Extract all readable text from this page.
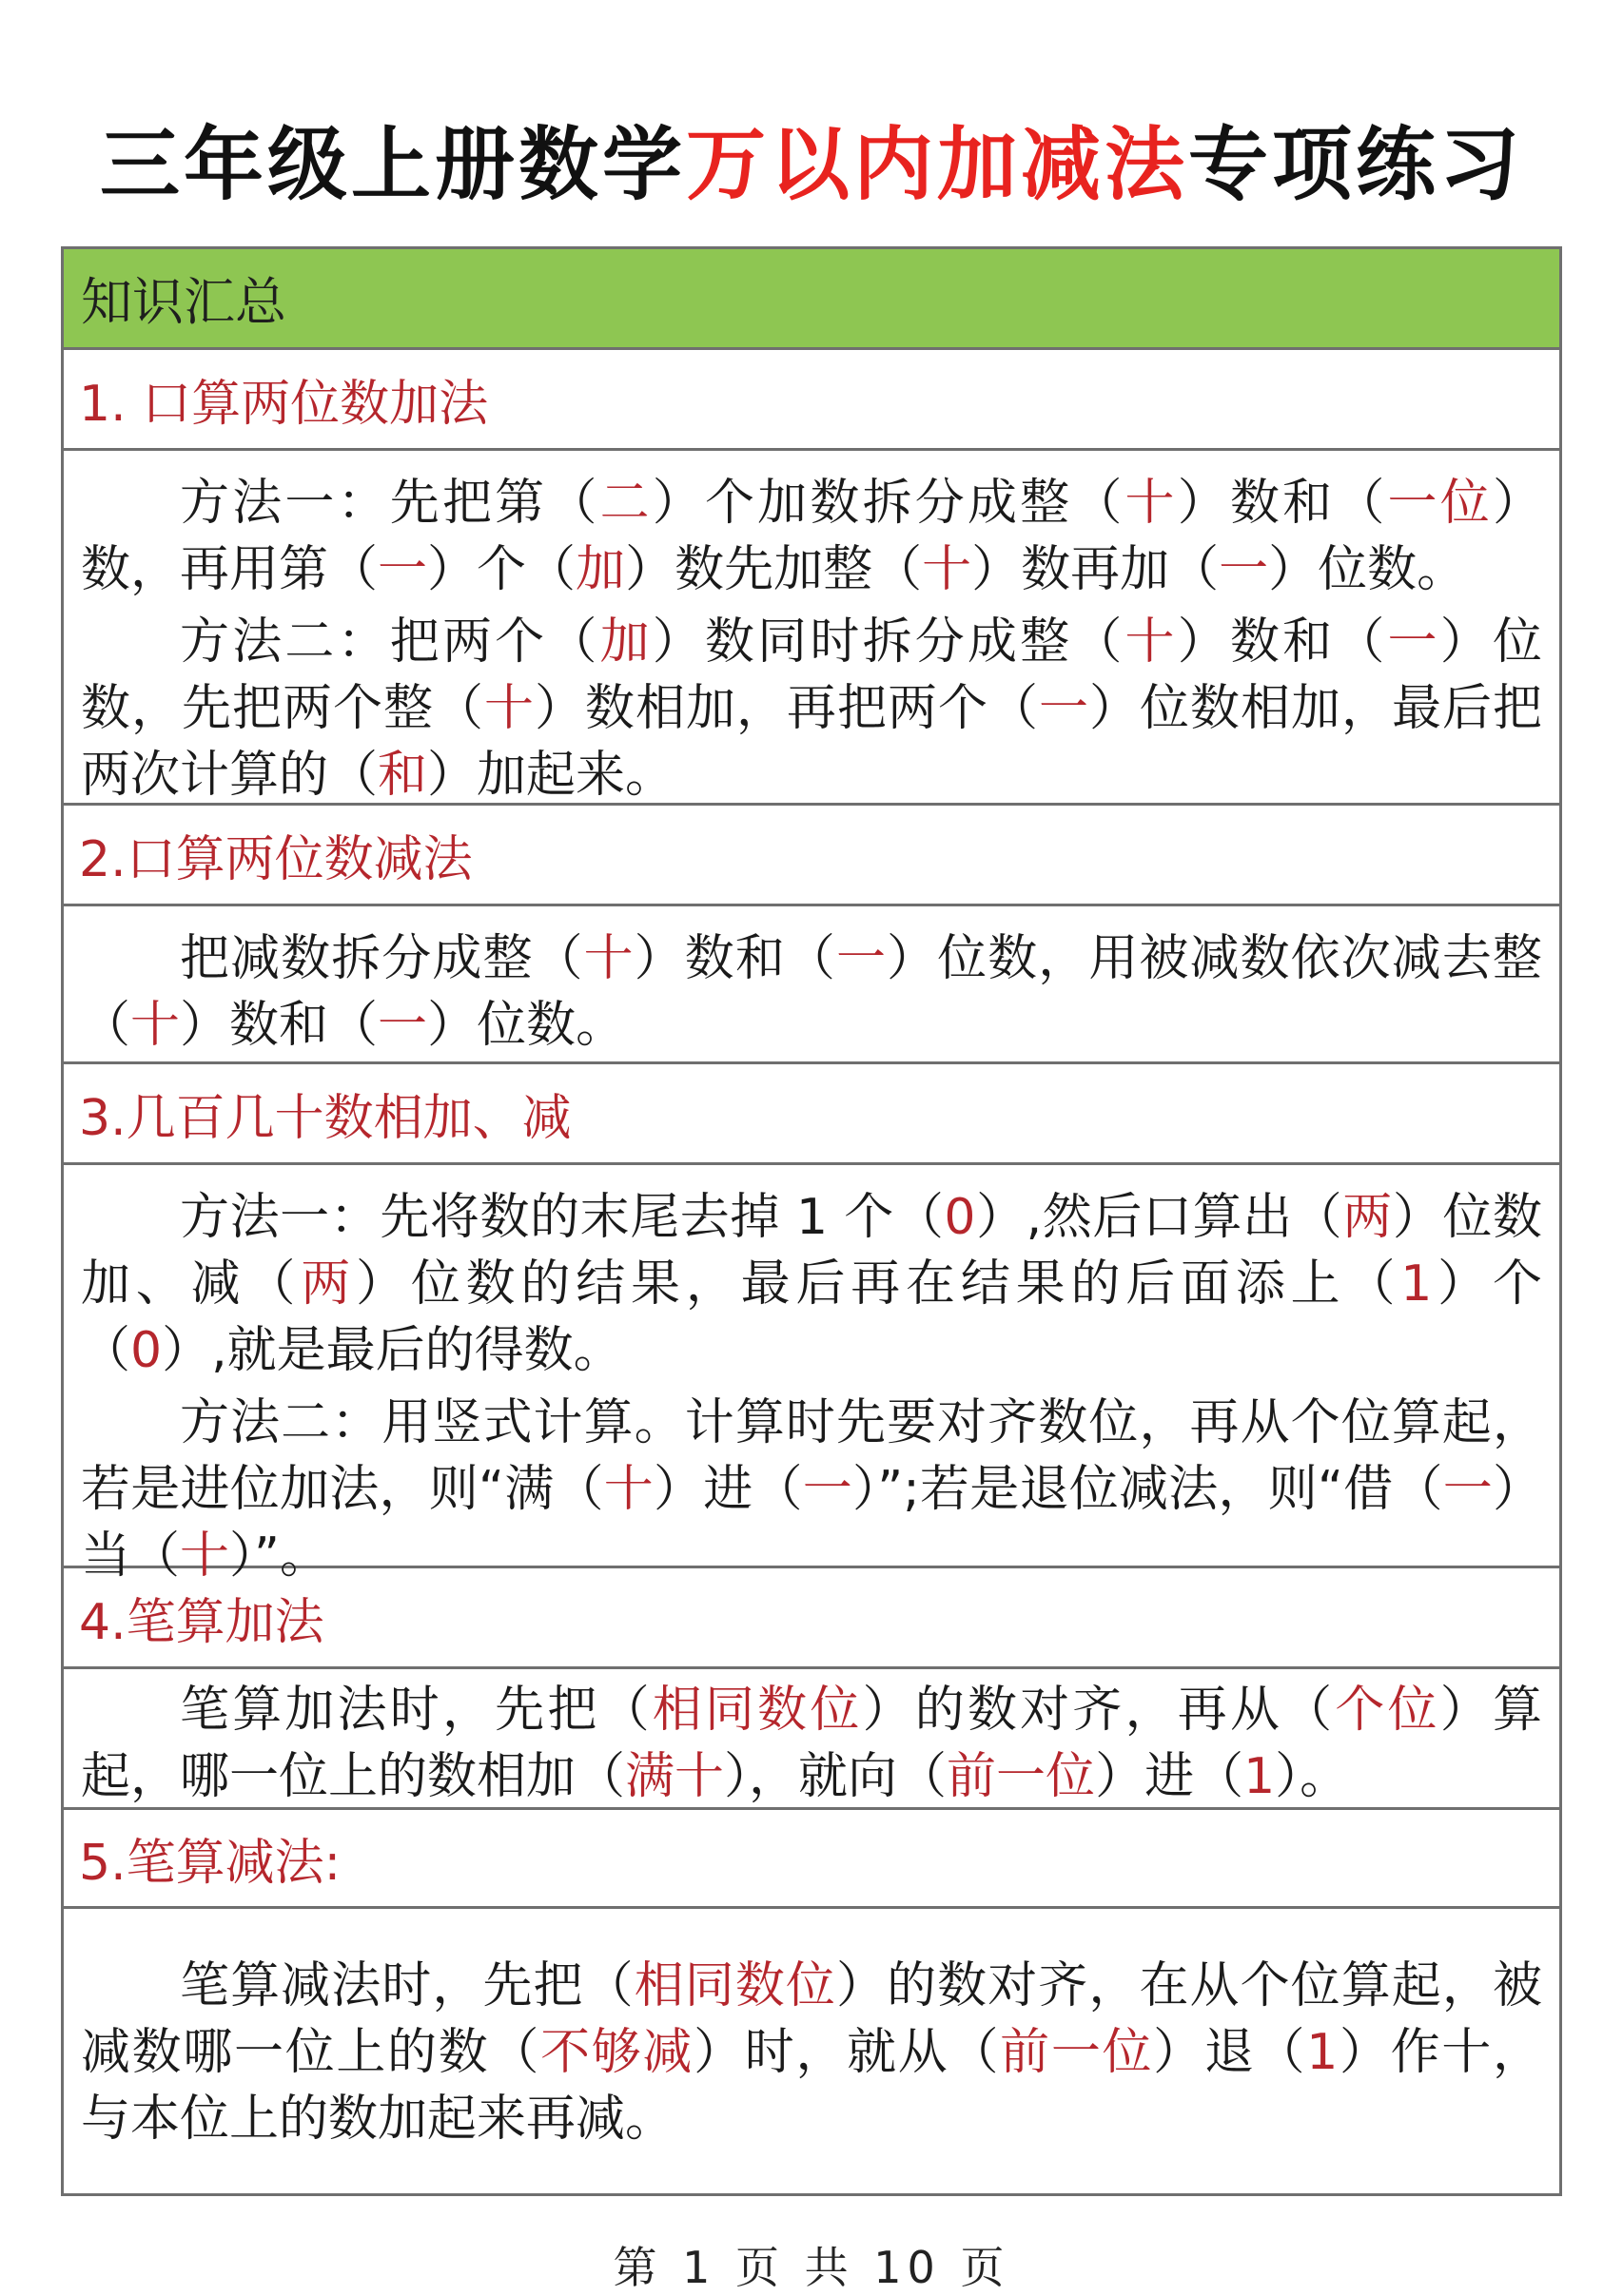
三年级上册数学万以内加减法专项练习
知识汇总
1. 口算两位数加法

方法一：先把第（二）个加数拆分成整（十）数和（一位）数，再用第（一）个（加）数先加整（十）数再加（一）位数。

方法二：把两个（加）数同时拆分成整（十）数和（一）位数，先把两个整（十）数相加，再把两个（一）位数相加，最后把两次计算的（和）加起来。

2.口算两位数减法

把减数拆分成整（十）数和（一）位数，用被减数依次减去整（十）数和（一）位数。

3.几百几十数相加、减

方法一：先将数的末尾去掉 1 个（0）,然后口算出（两）位数加、减（两）位数的结果，最后再在结果的后面添上（1）个（0）,就是最后的得数。

方法二：用竖式计算。计算时先要对齐数位，再从个位算起，若是进位加法，则“满（十）进（一）”;若是退位减法，则“借（一）当（十）”。

4.笔算加法

笔算加法时，先把（相同数位）的数对齐，再从（个位）算起，哪一位上的数相加（满十），就向（前一位）进（1）。

5.笔算减法:

笔算减法时，先把（相同数位）的数对齐，在从个位算起，被减数哪一位上的数（不够减）时，就从（前一位）退（1）作十，与本位上的数加起来再减。

第 1 页 共 10 页
